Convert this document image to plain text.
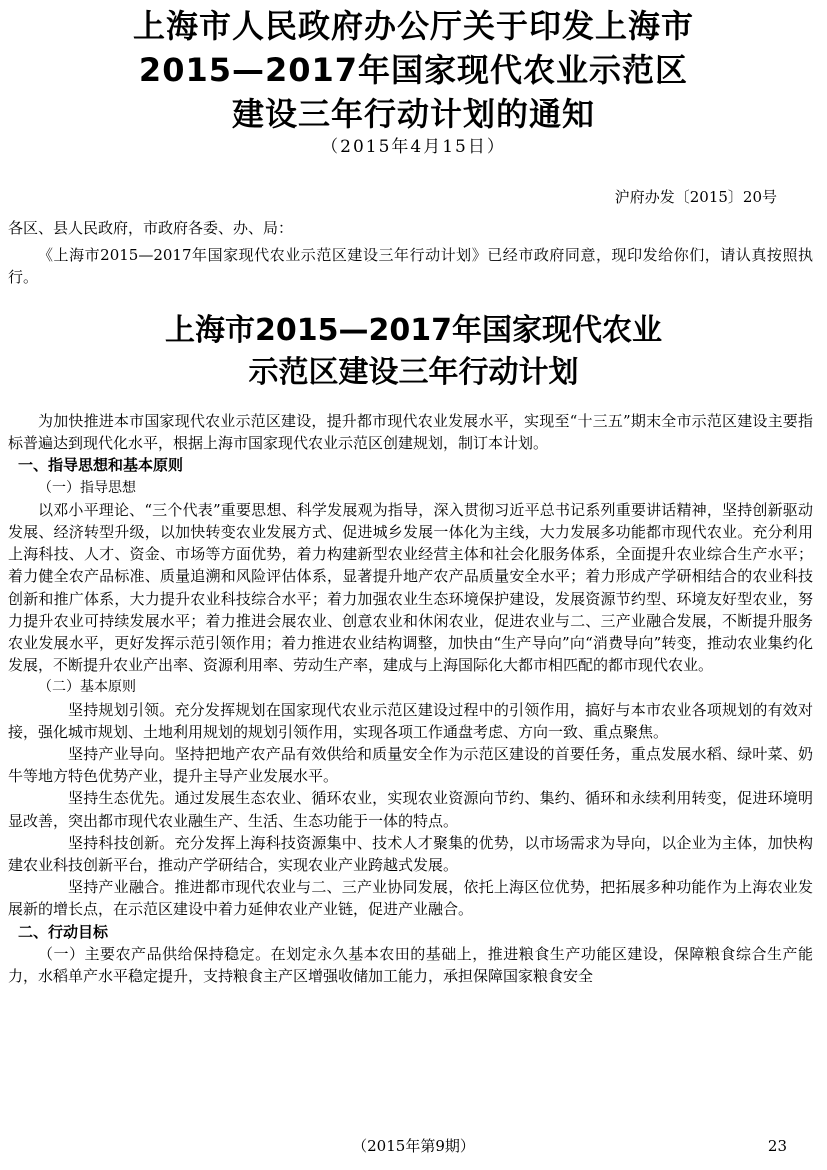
上海市人民政府办公厅关于印发上海市
2015—2017年国家现代农业示范区
建设三年行动计划的通知
（2015年4月15日）
沪府办发〔2015〕20号
各区、县人民政府，市政府各委、办、局：
《上海市2015—2017年国家现代农业示范区建设三年行动计划》已经市政府同意，现印发给你们，请认真按照执行。
上海市2015—2017年国家现代农业
示范区建设三年行动计划

为加快推进本市国家现代农业示范区建设，提升都市现代农业发展水平，实现至“十三五”期末全市示范区建设主要指标普遍达到现代化水平，根据上海市国家现代农业示范区创建规划，制订本计划。

一、指导思想和基本原则

（一）指导思想

以邓小平理论、“三个代表”重要思想、科学发展观为指导，深入贯彻习近平总书记系列重要讲话精神，坚持创新驱动发展、经济转型升级，以加快转变农业发展方式、促进城乡发展一体化为主线，大力发展多功能都市现代农业。充分利用上海科技、人才、资金、市场等方面优势，着力构建新型农业经营主体和社会化服务体系，全面提升农业综合生产水平；着力健全农产品标准、质量追溯和风险评估体系，显著提升地产农产品质量安全水平；着力形成产学研相结合的农业科技创新和推广体系，大力提升农业科技综合水平；着力加强农业生态环境保护建设，发展资源节约型、环境友好型农业，努力提升农业可持续发展水平；着力推进会展农业、创意农业和休闲农业，促进农业与二、三产业融合发展，不断提升服务农业发展水平，更好发挥示范引领作用；着力推进农业结构调整，加快由“生产导向”向“消费导向”转变，推动农业集约化发展，不断提升农业产出率、资源利用率、劳动生产率，建成与上海国际化大都市相匹配的都市现代农业。

（二）基本原则

坚持规划引领。充分发挥规划在国家现代农业示范区建设过程中的引领作用，搞好与本市农业各项规划的有效对接，强化城市规划、土地利用规划的规划引领作用，实现各项工作通盘考虑、方向一致、重点聚焦。

坚持产业导向。坚持把地产农产品有效供给和质量安全作为示范区建设的首要任务，重点发展水稻、绿叶菜、奶牛等地方特色优势产业，提升主导产业发展水平。

坚持生态优先。通过发展生态农业、循环农业，实现农业资源向节约、集约、循环和永续利用转变，促进环境明显改善，突出都市现代农业融生产、生活、生态功能于一体的特点。

坚持科技创新。充分发挥上海科技资源集中、技术人才聚集的优势，以市场需求为导向，以企业为主体，加快构建农业科技创新平台，推动产学研结合，实现农业产业跨越式发展。

坚持产业融合。推进都市现代农业与二、三产业协同发展，依托上海区位优势，把拓展多种功能作为上海农业发展新的增长点，在示范区建设中着力延伸农业产业链，促进产业融合。

二、行动目标

（一）主要农产品供给保持稳定。在划定永久基本农田的基础上，推进粮食生产功能区建设，保障粮食综合生产能力，水稻单产水平稳定提升，支持粮食主产区增强收储加工能力，承担保障国家粮食安全

（2015年第9期）	23
